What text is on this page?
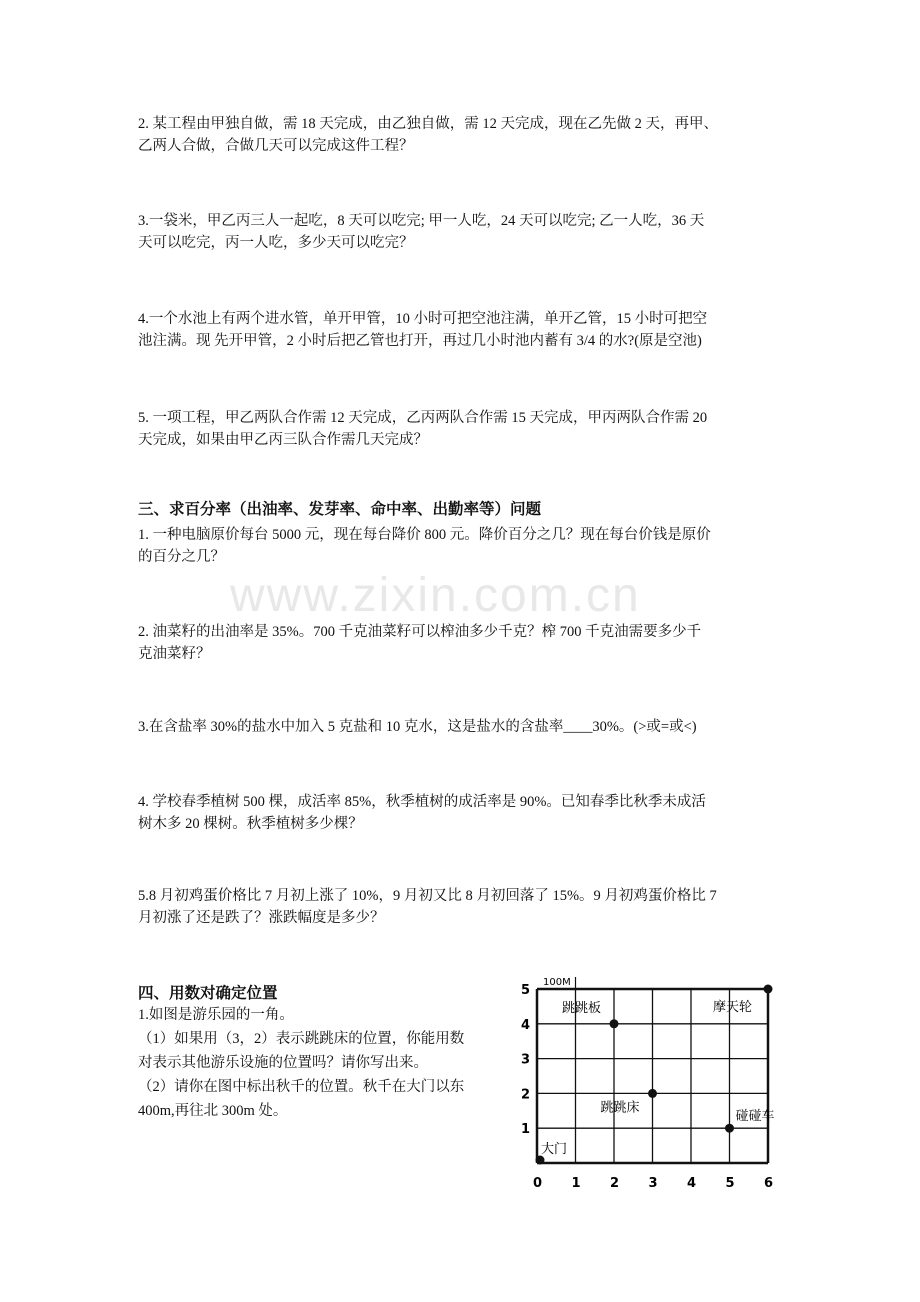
www.zixin.com.cn
2. 某工程由甲独自做，需 18 天完成，由乙独自做，需 12 天完成，现在乙先做 2 天，再甲、
乙两人合做，合做几天可以完成这件工程？
3.一袋米，甲乙丙三人一起吃，8 天可以吃完; 甲一人吃，24 天可以吃完; 乙一人吃，36 天
天可以吃完，丙一人吃，多少天可以吃完？
4.一个水池上有两个进水管，单开甲管，10 小时可把空池注满，单开乙管，15 小时可把空
池注满。现 先开甲管，2 小时后把乙管也打开，再过几小时池内蓄有 3/4 的水?(原是空池)
5. 一项工程，甲乙两队合作需 12 天完成，乙丙两队合作需 15 天完成，甲丙两队合作需 20
天完成，如果由甲乙丙三队合作需几天完成？
三、求百分率（出油率、发芽率、命中率、出勤率等）问题
1. 一种电脑原价每台 5000 元，现在每台降价 800 元。降价百分之几？现在每台价钱是原价
的百分之几？
2. 油菜籽的出油率是 35%。700 千克油菜籽可以榨油多少千克？榨 700 千克油需要多少千
克油菜籽？
3.在含盐率 30%的盐水中加入 5 克盐和 10 克水，这是盐水的含盐率____30%。(>或=或<)
4. 学校春季植树 500 棵，成活率 85%，秋季植树的成活率是 90%。已知春季比秋季未成活
树木多 20 棵树。秋季植树多少棵？
5.8 月初鸡蛋价格比 7 月初上涨了 10%，9 月初又比 8 月初回落了 15%。9 月初鸡蛋价格比 7
月初涨了还是跌了？涨跌幅度是多少？
四、用数对确定位置
1.如图是游乐园的一角。
（1）如果用（3，2）表示跳跳床的位置，你能用数
对表示其他游乐设施的位置吗？请你写出来。
（2）请你在图中标出秋千的位置。秋千在大门以东
400m,再往北 300m 处。
100M
0 1 2 3 4 5 6
1
2
3
4
5
大门
跳跳板
跳跳床
碰碰车
摩天轮
